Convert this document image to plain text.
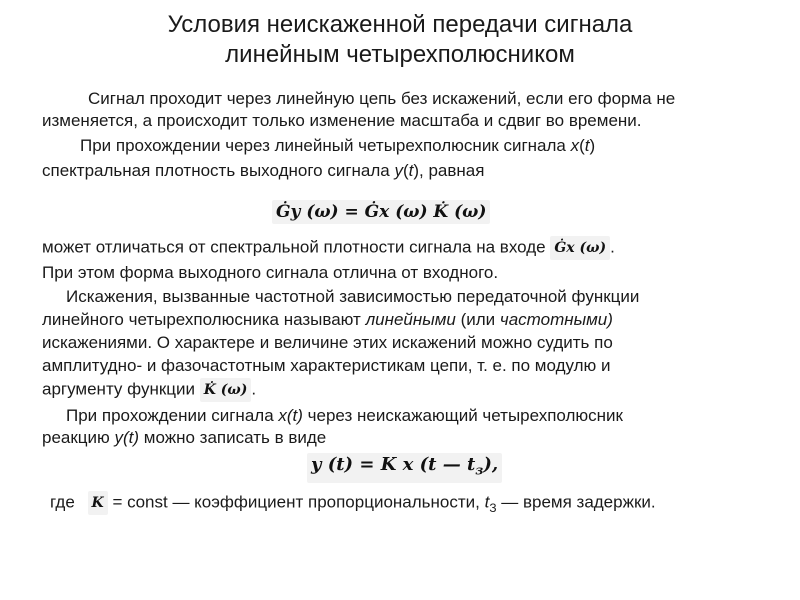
Условия неискаженной передачи сигнала
линейным четырехполюсником
Сигнал проходит через линейную цепь без искажений, если его форма не
изменяется, а происходит только изменение масштаба и сдвиг во времени.
При прохождении через линейный четырехполюсник сигнала x(t)
спектральная плотность выходного сигнала y(t), равная
Ġy (ω) = Ġx (ω) K̇ (ω)
может отличаться от спектральной плотности сигнала на входе Ġx (ω) .
При этом форма выходного сигнала отлична от входного.
Искажения, вызванные частотной зависимостью передаточной функции
линейного четырехполюсника называют линейными (или частотными)
искажениями. О характере и величине этих искажений можно судить по
амплитудно- и фазочастотным характеристикам цепи, т. е. по модулю и
аргументу функции K̇ (ω) .
При прохождении сигнала x(t) через неискажающий четырехполюсник
реакцию y(t) можно записать в виде
y (t) = K x (t — $t_з$),
где K = const — коэффициент пропорциональности, $t_З$ — время задержки.
